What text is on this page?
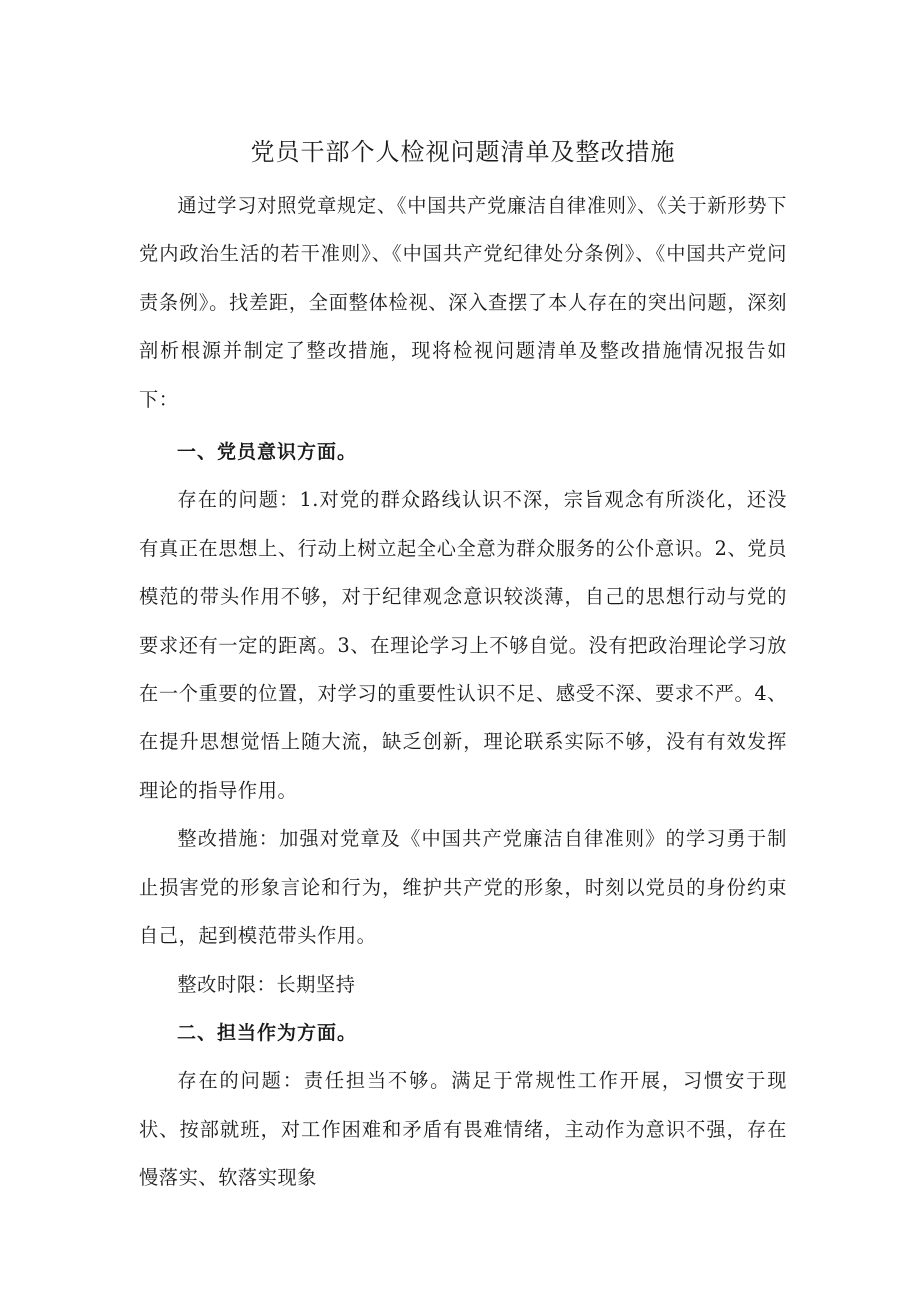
党员干部个人检视问题清单及整改措施

通过学习对照党章规定、《中国共产党廉洁自律准则》、《关于新形势下党内政治生活的若干准则》、《中国共产党纪律处分条例》、《中国共产党问责条例》。找差距，全面整体检视、深入查摆了本人存在的突出问题，深刻剖析根源并制定了整改措施，现将检视问题清单及整改措施情况报告如下：

一、党员意识方面。

存在的问题：1.对党的群众路线认识不深，宗旨观念有所淡化，还没有真正在思想上、行动上树立起全心全意为群众服务的公仆意识。2、党员模范的带头作用不够，对于纪律观念意识较淡薄，自己的思想行动与党的要求还有一定的距离。3、在理论学习上不够自觉。没有把政治理论学习放在一个重要的位置，对学习的重要性认识不足、感受不深、要求不严。4、在提升思想觉悟上随大流，缺乏创新，理论联系实际不够，没有有效发挥理论的指导作用。

整改措施：加强对党章及《中国共产党廉洁自律准则》的学习勇于制止损害党的形象言论和行为，维护共产党的形象，时刻以党员的身份约束自己，起到模范带头作用。

整改时限：长期坚持

二、担当作为方面。

存在的问题：责任担当不够。满足于常规性工作开展，习惯安于现状、按部就班，对工作困难和矛盾有畏难情绪，主动作为意识不强，存在慢落实、软落实现象
